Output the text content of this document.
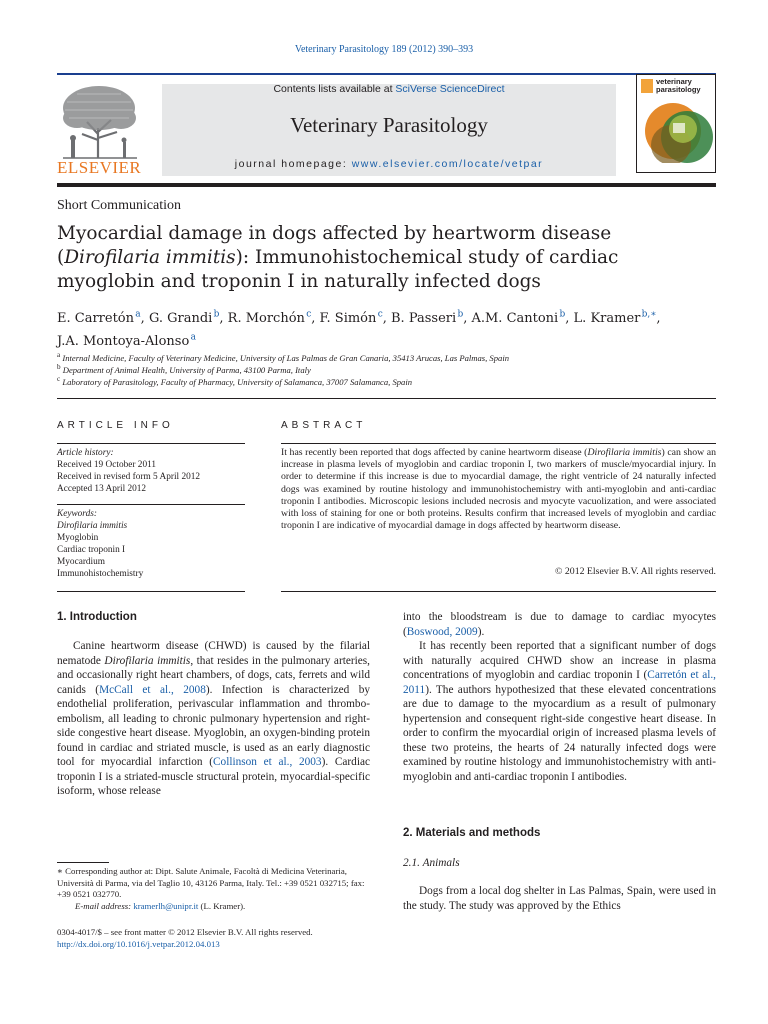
Veterinary Parasitology 189 (2012) 390–393
ELSEVIER
Contents lists available at SciVerse ScienceDirect
Veterinary Parasitology
journal homepage: www.elsevier.com/locate/vetpar
veterinary
parasitology
Short Communication
Myocardial damage in dogs affected by heartworm disease (Dirofilaria immitis): Immunohistochemical study of cardiac myoglobin and troponin I in naturally infected dogs
E. Carretón $^a$, G. Grandi $^b$, R. Morchón $^c$, F. Simón $^c$, B. Passeri $^b$, A.M. Cantoni $^b$, L. Kramer $^{b,∗}$,
J.A. Montoya-Alonso $^a$
$^a$ Internal Medicine, Faculty of Veterinary Medicine, University of Las Palmas de Gran Canaria, 35413 Arucas, Las Palmas, Spain
$^b$ Department of Animal Health, University of Parma, 43100 Parma, Italy
$^c$ Laboratory of Parasitology, Faculty of Pharmacy, University of Salamanca, 37007 Salamanca, Spain
ARTICLE INFO
Article history:
Received 19 October 2011
Received in revised form 5 April 2012
Accepted 13 April 2012
Keywords:
Dirofilaria immitis
Myoglobin
Cardiac troponin I
Myocardium
Immunohistochemistry
ABSTRACT
It has recently been reported that dogs affected by canine heartworm disease (Dirofilaria immitis) can show an increase in plasma levels of myoglobin and cardiac troponin I, two markers of muscle/myocardial injury. In order to determine if this increase is due to myocardial damage, the right ventricle of 24 naturally infected dogs was examined by routine histology and immunohistochemistry with anti-myoglobin and anti-cardiac troponin I antibodies. Microscopic lesions included necrosis and myocyte vacuolization, and were associated with loss of staining for one or both proteins. Results confirm that increased levels of myoglobin and cardiac troponin I are indicative of myocardial damage in dogs affected by heartworm disease.
© 2012 Elsevier B.V. All rights reserved.
1. Introduction

Canine heartworm disease (CHWD) is caused by the filarial nematode Dirofilaria immitis, that resides in the pulmonary arteries, and occasionally right heart chambers, of dogs, cats, ferrets and wild canids (McCall et al., 2008). Infection is characterized by endothelial proliferation, perivascular inflammation and thrombo-embolism, all leading to chronic pulmonary hypertension and right-side congestive heart disease. Myoglobin, an oxygen-binding protein found in cardiac and striated muscle, is used as an early diagnostic tool for myocardial infarction (Collinson et al., 2003). Cardiac troponin I is a striated-muscle structural protein, myocardial-specific isoform, whose release

∗ Corresponding author at: Dipt. Salute Animale, Facoltà di Medicina Veterinaria, Università di Parma, via del Taglio 10, 43126 Parma, Italy. Tel.: +39 0521 032715; fax: +39 0521 032770.
E-mail address: kramerlh@unipr.it (L. Kramer).
0304-4017/$ – see front matter © 2012 Elsevier B.V. All rights reserved.
http://dx.doi.org/10.1016/j.vetpar.2012.04.013

into the bloodstream is due to damage to cardiac myocytes (Boswood, 2009).

It has recently been reported that a significant number of dogs with naturally acquired CHWD show an increase in plasma concentrations of myoglobin and cardiac troponin I (Carretón et al., 2011). The authors hypothesized that these elevated concentrations are due to damage to the myocardium as a result of pulmonary hypertension and consequent right-side congestive heart disease. In order to confirm the myocardial origin of increased plasma levels of these two proteins, the hearts of 24 naturally infected dogs were examined by routine histology and immunohistochemistry with anti-myoglobin and anti-cardiac troponin I antibodies.

2. Materials and methods
2.1. Animals

Dogs from a local dog shelter in Las Palmas, Spain, were used in the study. The study was approved by the Ethics
